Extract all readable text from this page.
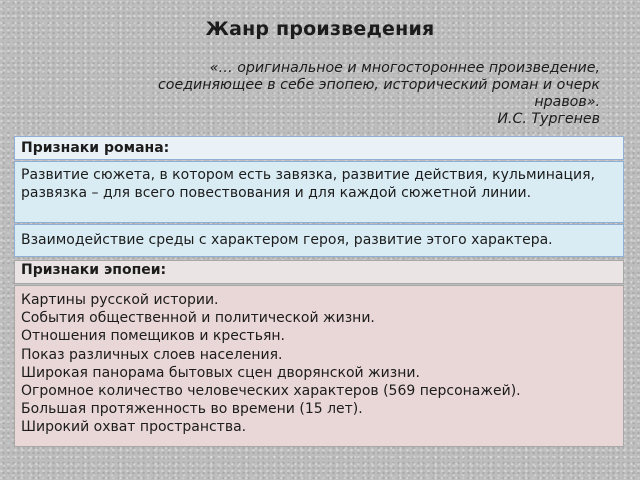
Жанр произведения
«… оригинальное и многостороннее произведение,
соединяющее в себе эпопею, исторический роман и очерк
нравов».
И.С. Тургенев
Признаки романа:
Развитие сюжета, в котором есть завязка, развитие действия, кульминация, развязка – для всего повествования и для каждой сюжетной линии.
Взаимодействие среды с характером героя, развитие этого характера.
Признаки эпопеи:
Картины русской истории.
События общественной и политической жизни.
Отношения помещиков и крестьян.
Показ различных слоев населения.
Широкая панорама бытовых сцен дворянской жизни.
Огромное количество человеческих характеров (569 персонажей).
Большая протяженность во времени (15 лет).
Широкий охват пространства.
